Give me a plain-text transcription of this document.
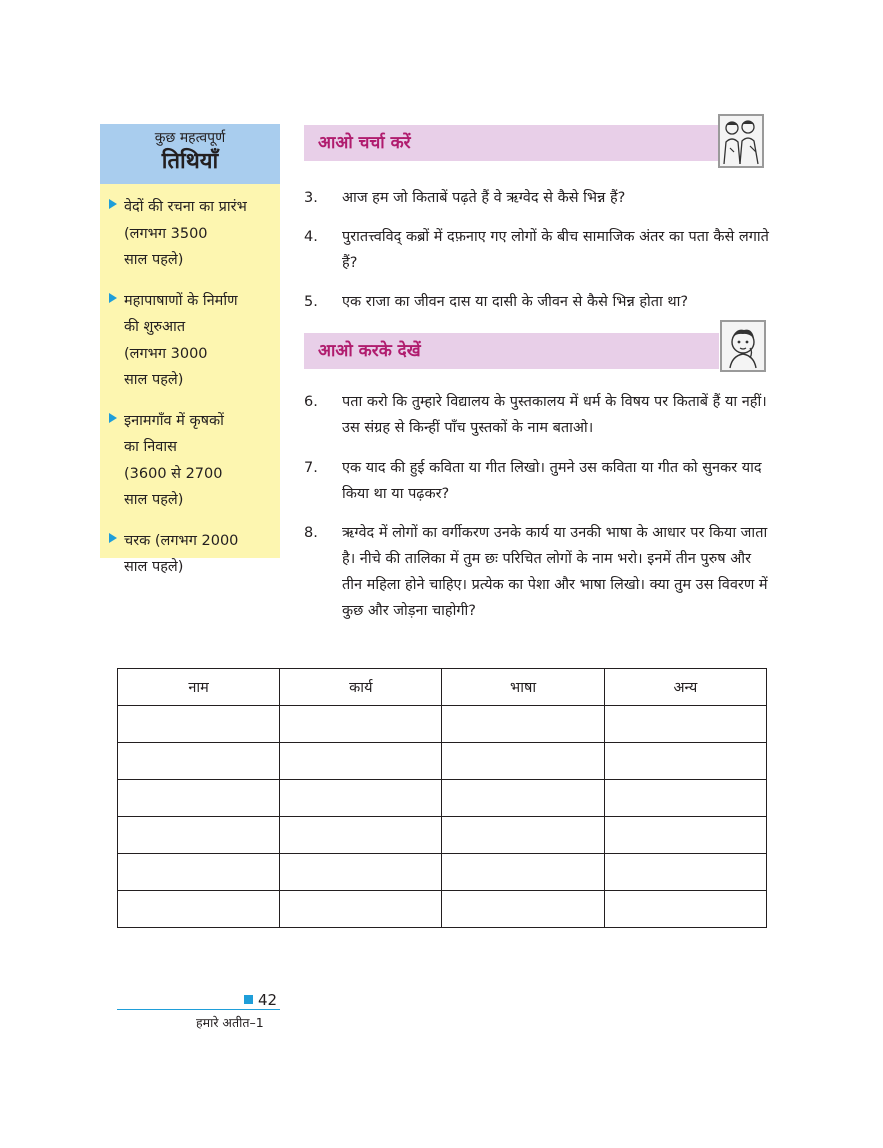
कुछ महत्वपूर्ण
तिथियाँ
वेदों की रचना का प्रारंभ
(लगभग 3500
साल पहले)
महापाषाणों के निर्माण
की शुरुआत
(लगभग 3000
साल पहले)
इनामगाँव में कृषकों
का निवास
(3600 से 2700
साल पहले)
चरक (लगभग 2000
साल पहले)
आओ चर्चा करें
3. आज हम जो किताबें पढ़ते हैं वे ऋग्वेद से कैसे भिन्न हैं?
4. पुरातत्त्वविद् कब्रों में दफ़नाए गए लोगों के बीच सामाजिक अंतर का पता कैसे लगाते हैं?
5. एक राजा का जीवन दास या दासी के जीवन से कैसे भिन्न होता था?
आओ करके देखें
6. पता करो कि तुम्हारे विद्यालय के पुस्तकालय में धर्म के विषय पर किताबें हैं या नहीं। उस संग्रह से किन्हीं पाँच पुस्तकों के नाम बताओ।
7. एक याद की हुई कविता या गीत लिखो। तुमने उस कविता या गीत को सुनकर याद किया था या पढ़कर?
8. ऋग्वेद में लोगों का वर्गीकरण उनके कार्य या उनकी भाषा के आधार पर किया जाता है। नीचे की तालिका में तुम छः परिचित लोगों के नाम भरो। इनमें तीन पुरुष और तीन महिला होने चाहिए। प्रत्येक का पेशा और भाषा लिखो। क्या तुम उस विवरण में कुछ और जोड़ना चाहोगी?
नाम	कार्य	भाषा	अन्य

42
हमारे अतीत–1
